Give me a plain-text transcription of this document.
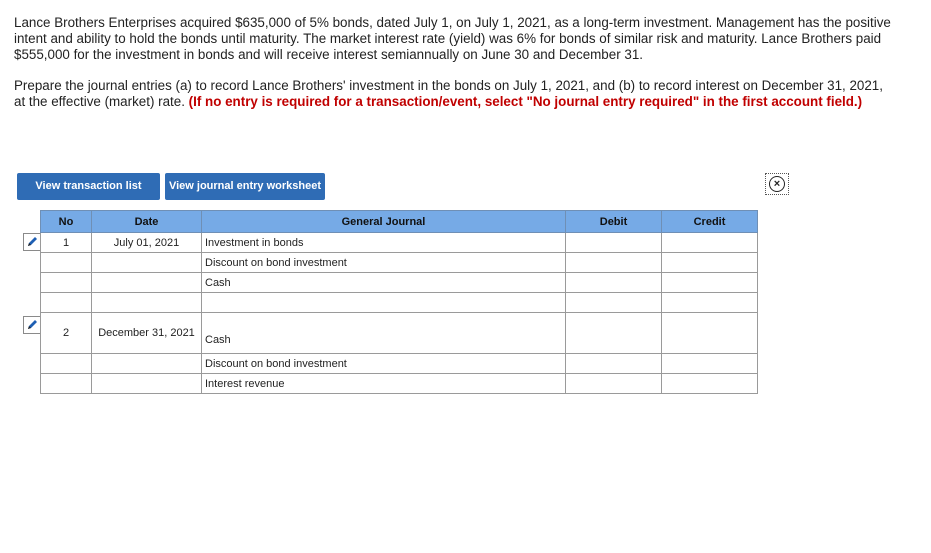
Lance Brothers Enterprises acquired $635,000 of 5% bonds, dated July 1, on July 1, 2021, as a long-term investment. Management has the positive intent and ability to hold the bonds until maturity. The market interest rate (yield) was 6% for bonds of similar risk and maturity. Lance Brothers paid $555,000 for the investment in bonds and will receive interest semiannually on June 30 and December 31.

Prepare the journal entries (a) to record Lance Brothers' investment in the bonds on July 1, 2021, and (b) to record interest on December 31, 2021, at the effective (market) rate. (If no entry is required for a transaction/event, select "No journal entry required" in the first account field.)

View transaction list	View journal entry worksheet	×
No	Date	General Journal	Debit	Credit
1	July 01, 2021	Investment in bonds		
		Discount on bond investment		
		Cash		

2	December 31, 2021	Cash		
		Discount on bond investment		
		Interest revenue		
